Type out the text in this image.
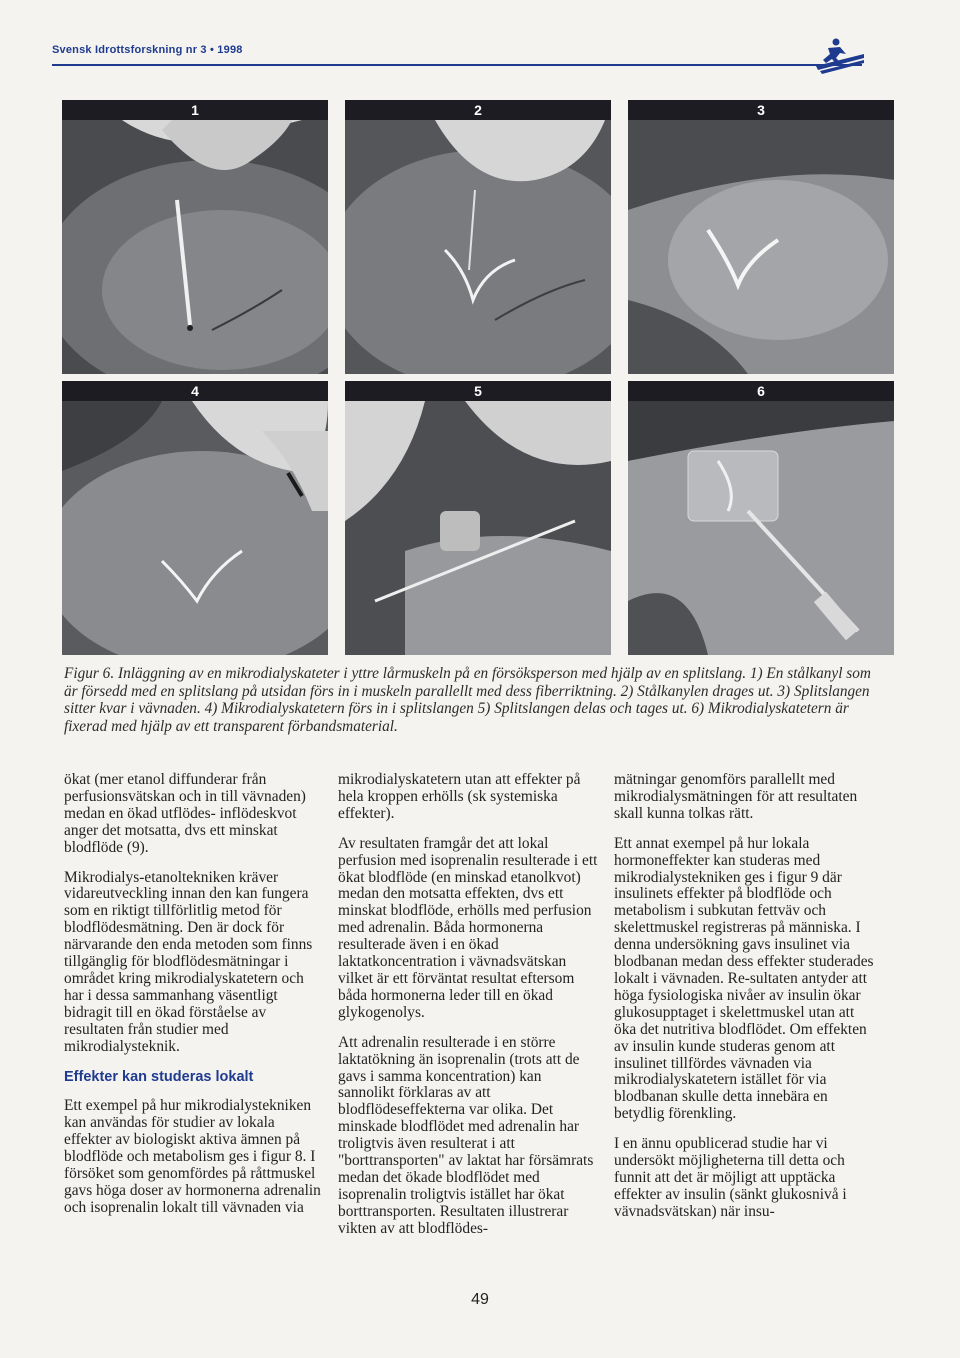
Svensk Idrottsforskning nr 3 • 1998
1	2	3
4	5	6
Figur 6. Inläggning av en mikrodialyskateter i yttre lårmuskeln på en försöksperson med hjälp av en splitslang. 1) En stålkanyl som är försedd med en splitslang på utsidan förs in i muskeln parallellt med dess fiberriktning. 2) Stålkanylen drages ut. 3) Splitslangen sitter kvar i vävnaden. 4) Mikrodialyskatetern förs in i splitslangen 5) Splitslangen delas och tages ut. 6) Mikrodialyskatetern är fixerad med hjälp av ett transparent förbandsmaterial.

ökat (mer etanol diffunderar från perfusionsvätskan och in till vävnaden) medan en ökad utflödes- inflödeskvot anger det motsatta, dvs ett minskat blodflöde (9).

Mikrodialys-etanoltekniken kräver vidareutveckling innan den kan fungera som en riktigt tillförlitlig metod för blodflödesmätning. Den är dock för närvarande den enda metoden som finns tillgänglig för blodflödesmätningar i området kring mikrodialyskatetern och har i dessa sammanhang väsentligt bidragit till en ökad förståelse av resultaten från studier med mikrodialysteknik.

Effekter kan studeras lokalt

Ett exempel på hur mikrodialystekniken kan användas för studier av lokala effekter av biologiskt aktiva ämnen på blodflöde och metabolism ges i figur 8. I försöket som genomfördes på råttmuskel gavs höga doser av hormonerna adrenalin och isoprenalin lokalt till vävnaden via

mikrodialyskatetern utan att effekter på hela kroppen erhölls (sk systemiska effekter).

Av resultaten framgår det att lokal perfusion med isoprenalin resulterade i ett ökat blodflöde (en minskad etanolkvot) medan den motsatta effekten, dvs ett minskat blodflöde, erhölls med perfusion med adrenalin. Båda hormonerna resulterade även i en ökad laktatkoncentration i vävnadsvätskan vilket är ett förväntat resultat eftersom båda hormonerna leder till en ökad glykogenolys.

Att adrenalin resulterade i en större laktatökning än isoprenalin (trots att de gavs i samma koncentration) kan sannolikt förklaras av att blodflödeseffekterna var olika. Det minskade blodflödet med adrenalin har troligtvis även resulterat i att "borttransporten" av laktat har försämrats medan det ökade blodflödet med isoprenalin troligtvis istället har ökat borttransporten. Resultaten illustrerar vikten av att blodflödes-

mätningar genomförs parallellt med mikrodialysmätningen för att resultaten skall kunna tolkas rätt.

Ett annat exempel på hur lokala hormoneffekter kan studeras med mikrodialystekniken ges i figur 9 där insulinets effekter på blodflöde och metabolism i subkutan fettväv och skelettmuskel registreras på människa. I denna undersökning gavs insulinet via blodbanan medan dess effekter studerades lokalt i vävnaden. Re-sultaten antyder att höga fysiologiska nivåer av insulin ökar glukosupptaget i skelettmuskel utan att öka det nutritiva blodflödet. Om effekten av insulin kunde studeras genom att insulinet tillfördes vävnaden via mikrodialyskatetern istället för via blodbanan skulle detta innebära en betydlig förenkling.

I en ännu opublicerad studie har vi undersökt möjligheterna till detta och funnit att det är möjligt att upptäcka effekter av insulin (sänkt glukosnivå i vävnadsvätskan) när insu-

49
